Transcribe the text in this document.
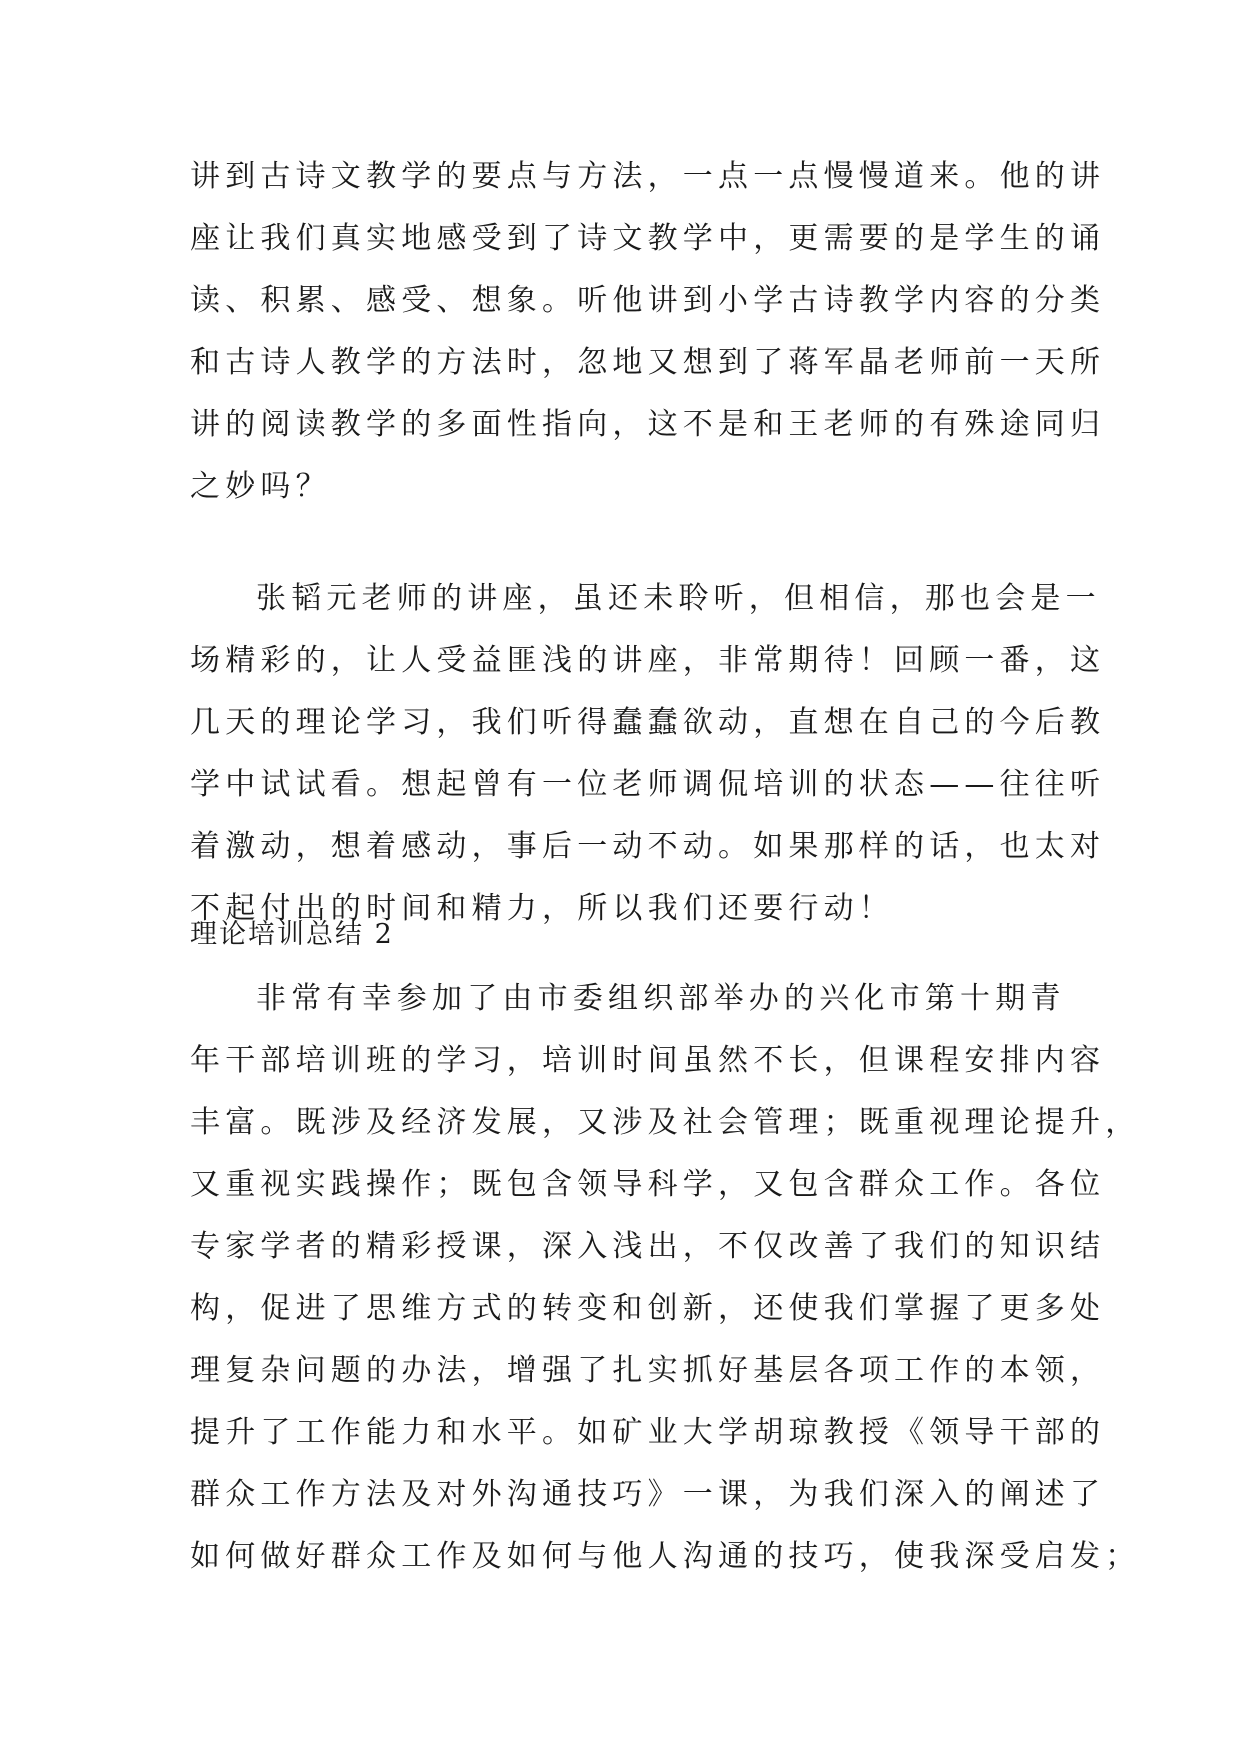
讲到古诗文教学的要点与方法，一点一点慢慢道来。他的讲
座让我们真实地感受到了诗文教学中，更需要的是学生的诵
读、积累、感受、想象。听他讲到小学古诗教学内容的分类
和古诗人教学的方法时，忽地又想到了蒋军晶老师前一天所
讲的阅读教学的多面性指向，这不是和王老师的有殊途同归
之妙吗？
张韬元老师的讲座，虽还未聆听，但相信，那也会是一
场精彩的，让人受益匪浅的讲座，非常期待！回顾一番，这
几天的理论学习，我们听得蠢蠢欲动，直想在自己的今后教
学中试试看。想起曾有一位老师调侃培训的状态——往往听
着激动，想着感动，事后一动不动。如果那样的话，也太对
不起付出的时间和精力，所以我们还要行动！
理论培训总结 2
非常有幸参加了由市委组织部举办的兴化市第十期青
年干部培训班的学习，培训时间虽然不长，但课程安排内容
丰富。既涉及经济发展，又涉及社会管理；既重视理论提升，
又重视实践操作；既包含领导科学，又包含群众工作。各位
专家学者的精彩授课，深入浅出，不仅改善了我们的知识结
构，促进了思维方式的转变和创新，还使我们掌握了更多处
理复杂问题的办法，增强了扎实抓好基层各项工作的本领，
提升了工作能力和水平。如矿业大学胡琼教授《领导干部的
群众工作方法及对外沟通技巧》一课，为我们深入的阐述了
如何做好群众工作及如何与他人沟通的技巧，使我深受启发；
